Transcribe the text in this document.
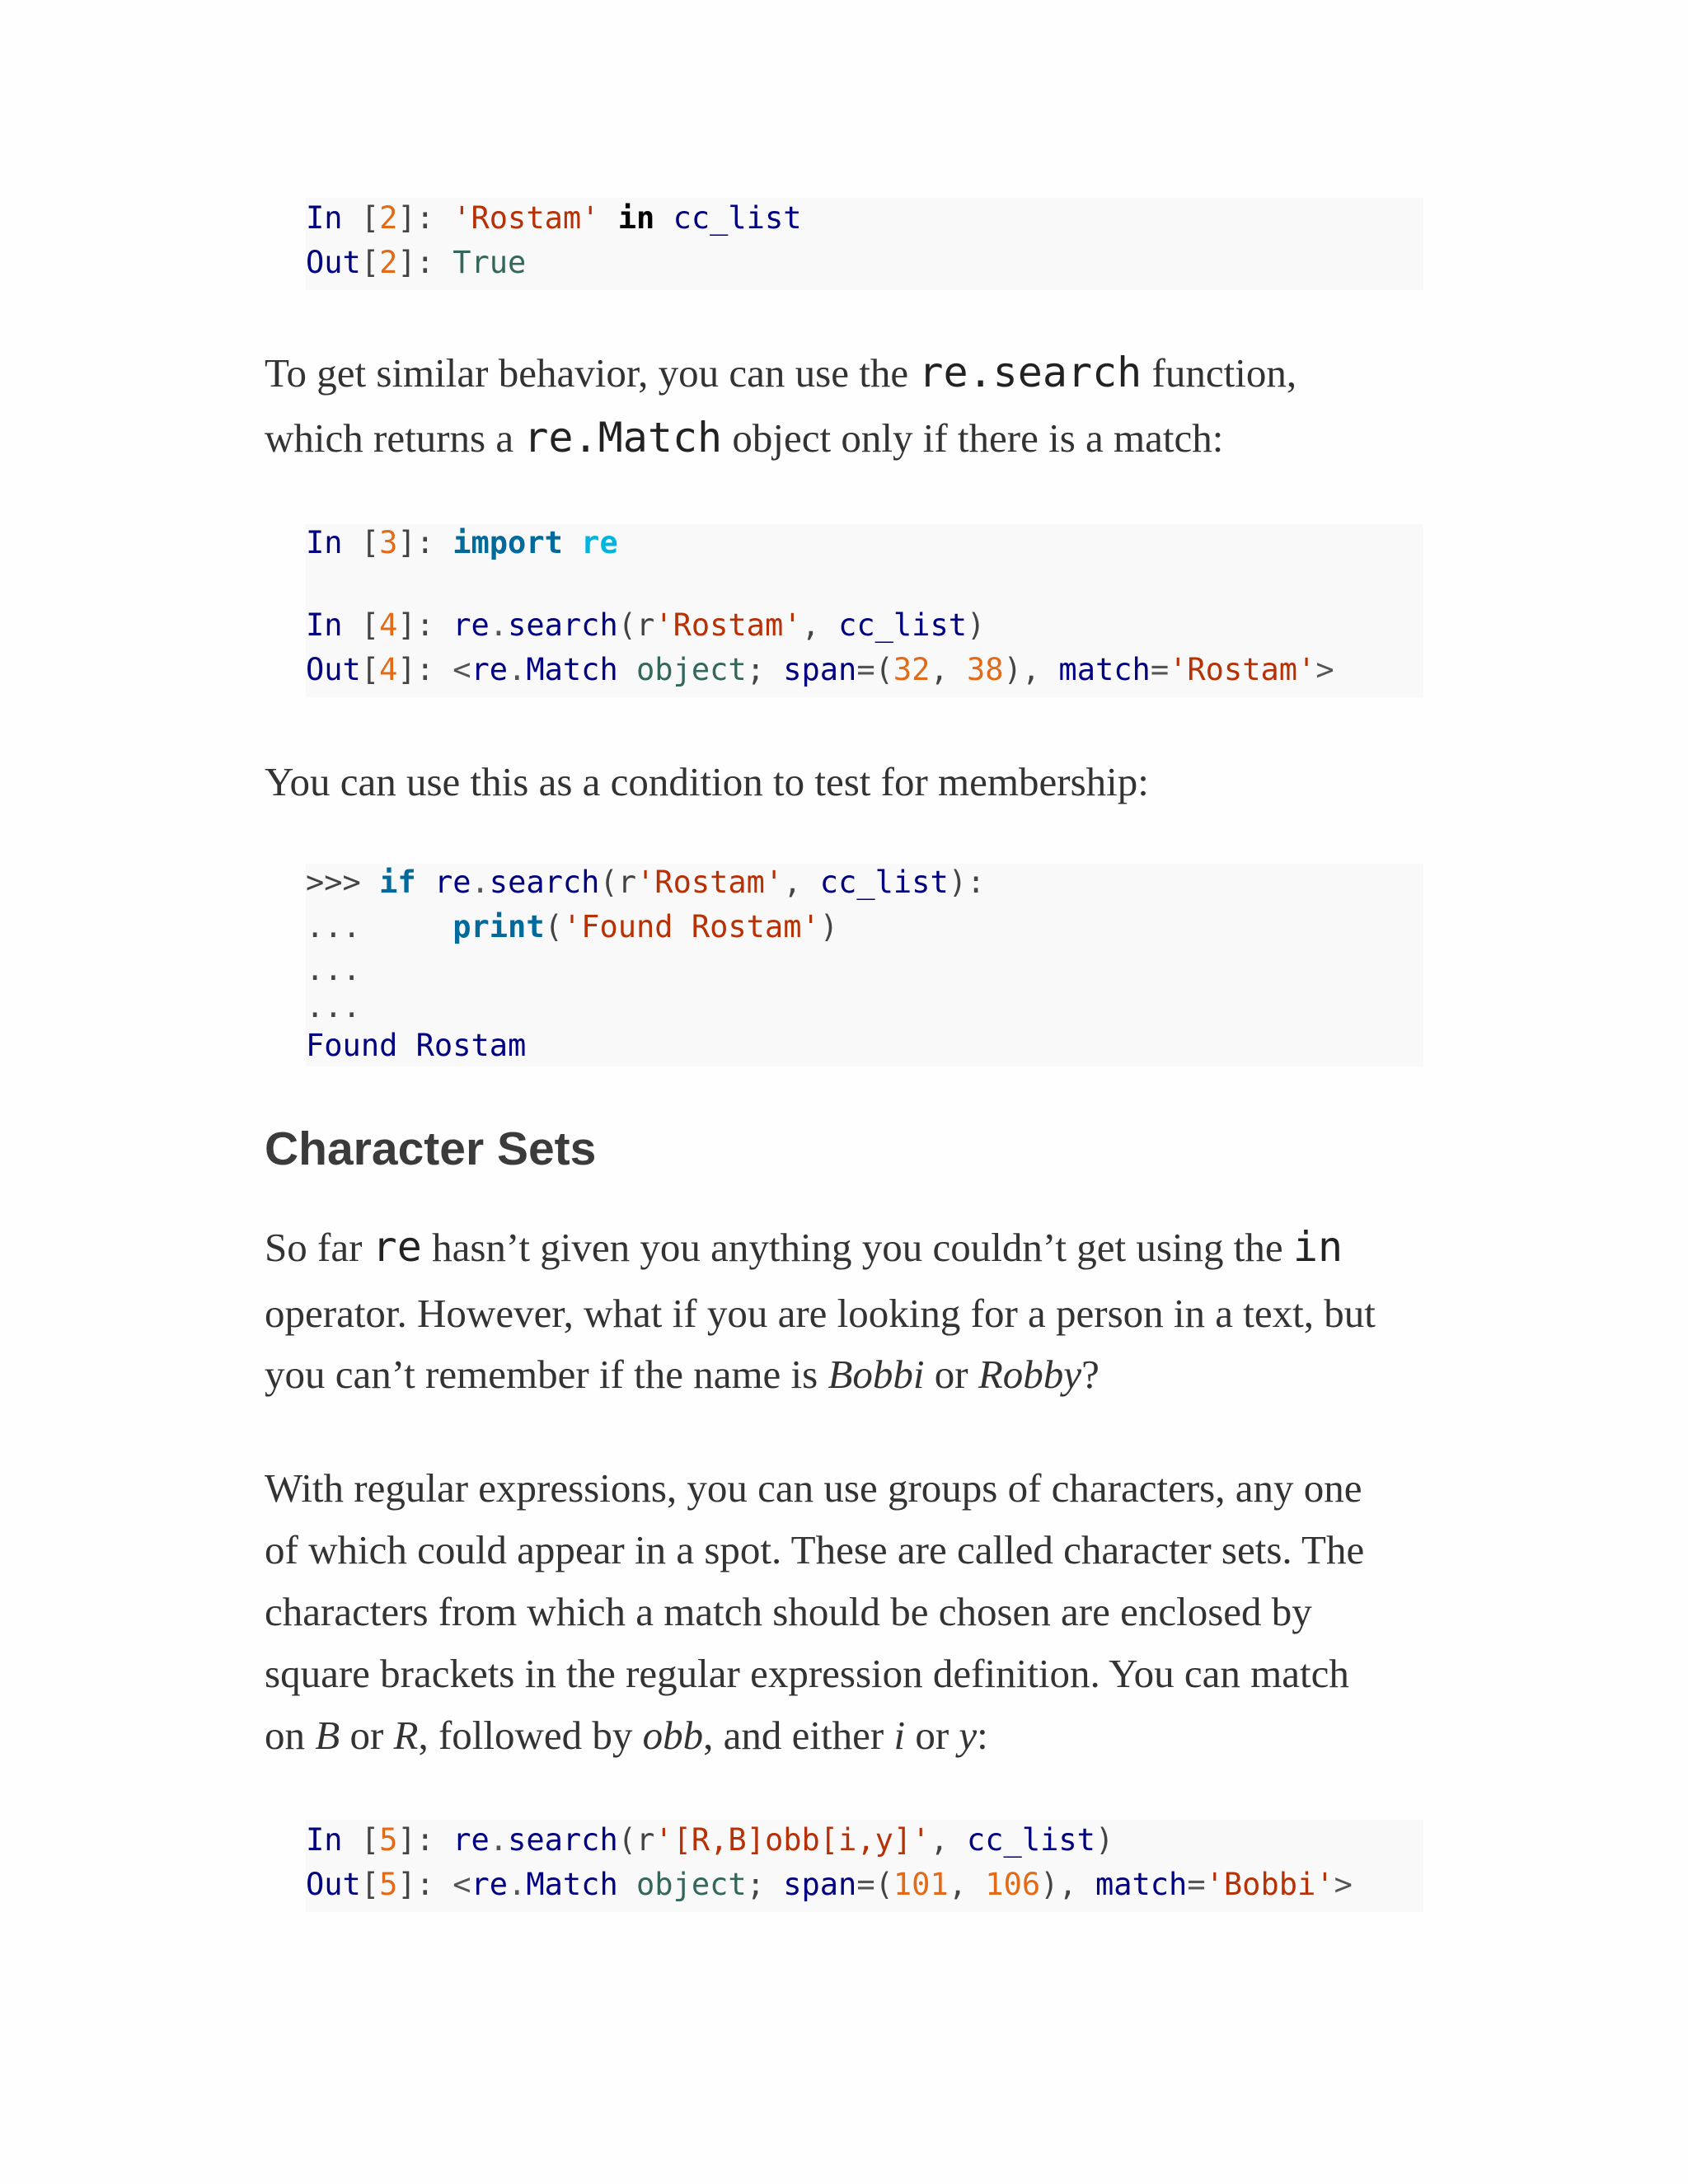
In [2]: 'Rostam' in cc_list
Out[2]: True
To get similar behavior, you can use the re.search function,
which returns a re.Match object only if there is a match:
In [3]: import re
In [4]: re.search(r'Rostam', cc_list)
Out[4]: <re.Match object; span=(32, 38), match='Rostam'>
You can use this as a condition to test for membership:
>>> if re.search(r'Rostam', cc_list):
...	print('Found Rostam')
...
...
Found Rostam
Character Sets
So far re hasn’t given you anything you couldn’t get using the in
operator. However, what if you are looking for a person in a text, but
you can’t remember if the name is Bobbi or Robby?
With regular expressions, you can use groups of characters, any one
of which could appear in a spot. These are called character sets. The
characters from which a match should be chosen are enclosed by
square brackets in the regular expression definition. You can match
on B or R, followed by obb, and either i or y:
In [5]: re.search(r'[R,B]obb[i,y]', cc_list)
Out[5]: <re.Match object; span=(101, 106), match='Bobbi'>
